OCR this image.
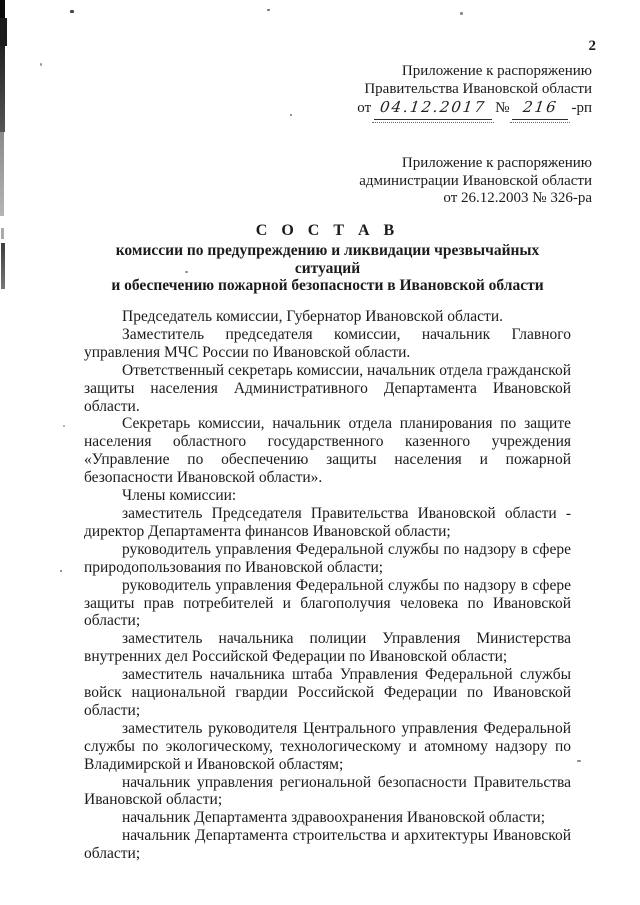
2
Приложение к распоряжению
Правительства Ивановской области
от 04.12.2017 № 216 -рп
Приложение к распоряжению
администрации Ивановской области
от 26.12.2003 № 326-ра
С О С Т А В
комиссии по предупреждению и ликвидации чрезвычайных ситуаций
и обеспечению пожарной безопасности в Ивановской области

Председатель комиссии, Губернатор Ивановской области.

Заместитель председателя комиссии, начальник Главного управления МЧС России по Ивановской области.

Ответственный секретарь комиссии, начальник отдела гражданской защиты населения Административного Департамента Ивановской области.

Секретарь комиссии, начальник отдела планирования по защите населения областного государственного казенного учреждения «Управление по обеспечению защиты населения и пожарной безопасности Ивановской области».

Члены комиссии:

заместитель Председателя Правительства Ивановской области - директор Департамента финансов Ивановской области;

руководитель управления Федеральной службы по надзору в сфере природопользования по Ивановской области;

руководитель управления Федеральной службы по надзору в сфере защиты прав потребителей и благополучия человека по Ивановской области;

заместитель начальника полиции Управления Министерства внутренних дел Российской Федерации по Ивановской области;

заместитель начальника штаба Управления Федеральной службы войск национальной гвардии Российской Федерации по Ивановской области;

заместитель руководителя Центрального управления Федеральной службы по экологическому, технологическому и атомному надзору по Владимирской и Ивановской областям;

начальник управления региональной безопасности Правительства Ивановской области;

начальник Департамента здравоохранения Ивановской области;

начальник Департамента строительства и архитектуры Ивановской области;
